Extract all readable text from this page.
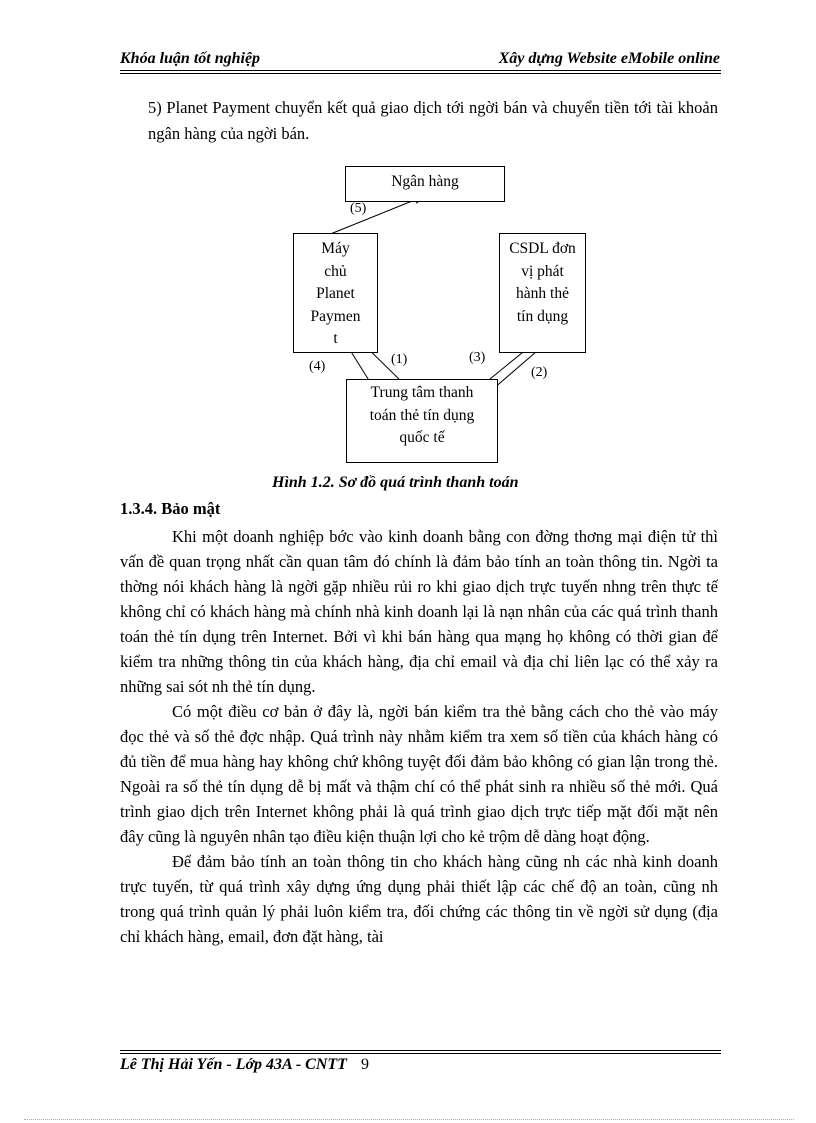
Khóa luận tốt nghiệp	Xây dựng Website eMobile online

5) Planet Payment chuyển kết quả giao dịch tới ngời bán và chuyển tiền tới tài khoản ngân hàng của ngời bán.

Ngân hàng
Máy
chủ
Planet
Paymen
t
CSDL đơn
vị phát
hành thẻ
tín dụng
Trung tâm thanh
toán thẻ tín dụng
quốc tế
(5)
(4)	(1)	(3)
(2)
Hình 1.2. Sơ đồ quá trình thanh toán
1.3.4. Bảo mật

Khi một doanh nghiệp bớc vào kinh doanh bằng con đờng thơng mại điện tử thì vấn đề quan trọng nhất cần quan tâm đó chính là đảm bảo tính an toàn thông tin. Ngời ta thờng nói khách hàng là ngời gặp nhiều rủi ro khi giao dịch trực tuyến nhng trên thực tế không chỉ có khách hàng mà chính nhà kinh doanh lại là nạn nhân của các quá trình thanh toán thẻ tín dụng trên Internet. Bởi vì khi bán hàng qua mạng họ không có thời gian để kiểm tra những thông tin của khách hàng, địa chỉ email và địa chỉ liên lạc có thể xảy ra những sai sót nh thẻ tín dụng.

Có một điều cơ bản ở đây là, ngời bán kiểm tra thẻ bằng cách cho thẻ vào máy đọc thẻ và số thẻ đợc nhập. Quá trình này nhằm kiểm tra xem số tiền của khách hàng có đủ tiền để mua hàng hay không chứ không tuyệt đối đảm bảo không có gian lận trong thẻ. Ngoài ra số thẻ tín dụng dễ bị mất và thậm chí có thể phát sinh ra nhiều số thẻ mới. Quá trình giao dịch trên Internet không phải là quá trình giao dịch trực tiếp mặt đối mặt nên đây cũng là nguyên nhân tạo điều kiện thuận lợi cho kẻ trộm dễ dàng hoạt động.

Để đảm bảo tính an toàn thông tin cho khách hàng cũng nh các nhà kinh doanh trực tuyến, từ quá trình xây dựng ứng dụng phải thiết lập các chế độ an toàn, cũng nh trong quá trình quản lý phải luôn kiểm tra, đối chứng các thông tin về ngời sử dụng (địa chỉ khách hàng, email, đơn đặt hàng, tài

Lê Thị Hải Yến - Lớp 43A - CNTT 9
